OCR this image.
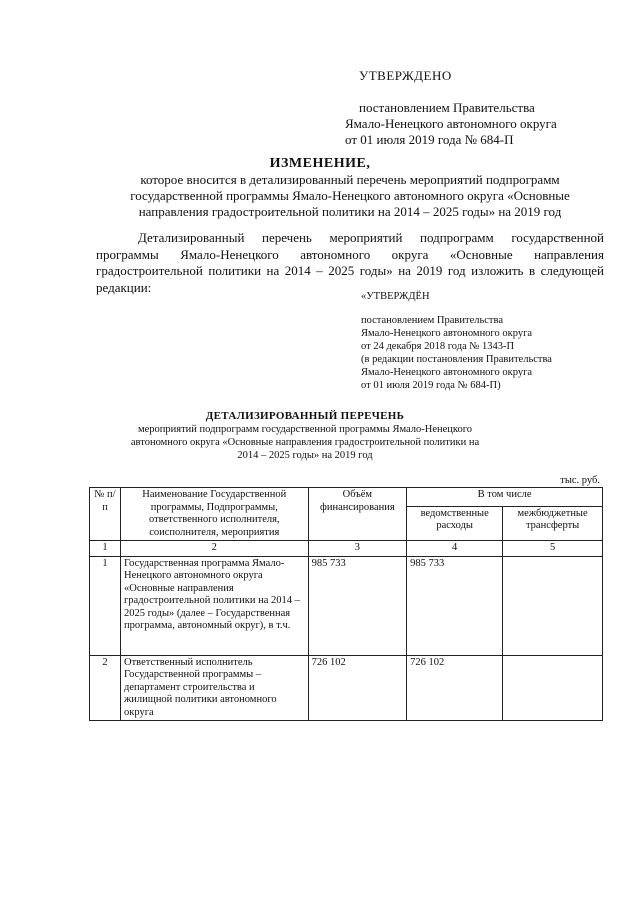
УТВЕРЖДЕНО
постановлением Правительства
Ямало-Ненецкого автономного округа
от 01 июля 2019 года № 684-П
ИЗМЕНЕНИЕ,
которое вносится в детализированный перечень мероприятий подпрограмм государственной программы Ямало-Ненецкого автономного округа «Основные направления градостроительной политики на 2014 – 2025 годы» на 2019 год
Детализированный перечень мероприятий подпрограмм государственной программы Ямало-Ненецкого автономного округа «Основные направления градостроительной политики на 2014 – 2025 годы» на 2019 год изложить в следующей редакции:
«УТВЕРЖДЁН
постановлением Правительства
Ямало-Ненецкого автономного округа
от 24 декабря 2018 года № 1343-П
(в редакции постановления Правительства
Ямало-Ненецкого автономного округа
от 01 июля 2019 года № 684-П)
ДЕТАЛИЗИРОВАННЫЙ ПЕРЕЧЕНЬ
мероприятий подпрограмм государственной программы Ямало-Ненецкого автономного округа «Основные направления градостроительной политики на 2014 – 2025 годы» на 2019 год
тыс. руб.
№ п/п	Наименование Государственной программы, Подпрограммы, ответственного исполнителя, соисполнителя, мероприятия	Объём финансирования	В том числе	
			ведомственные расходы	межбюджетные трансферты
1	2	3	4	5
1	Государственная программа Ямало-Ненецкого автономного округа «Основные направления градостроительной политики на 2014 – 2025 годы» (далее – Государственная программа, автономный округ), в т.ч.	985 733	985 733	
2	Ответственный исполнитель Государственной программы – департамент строительства и жилищной политики автономного округа	726 102	726 102	
